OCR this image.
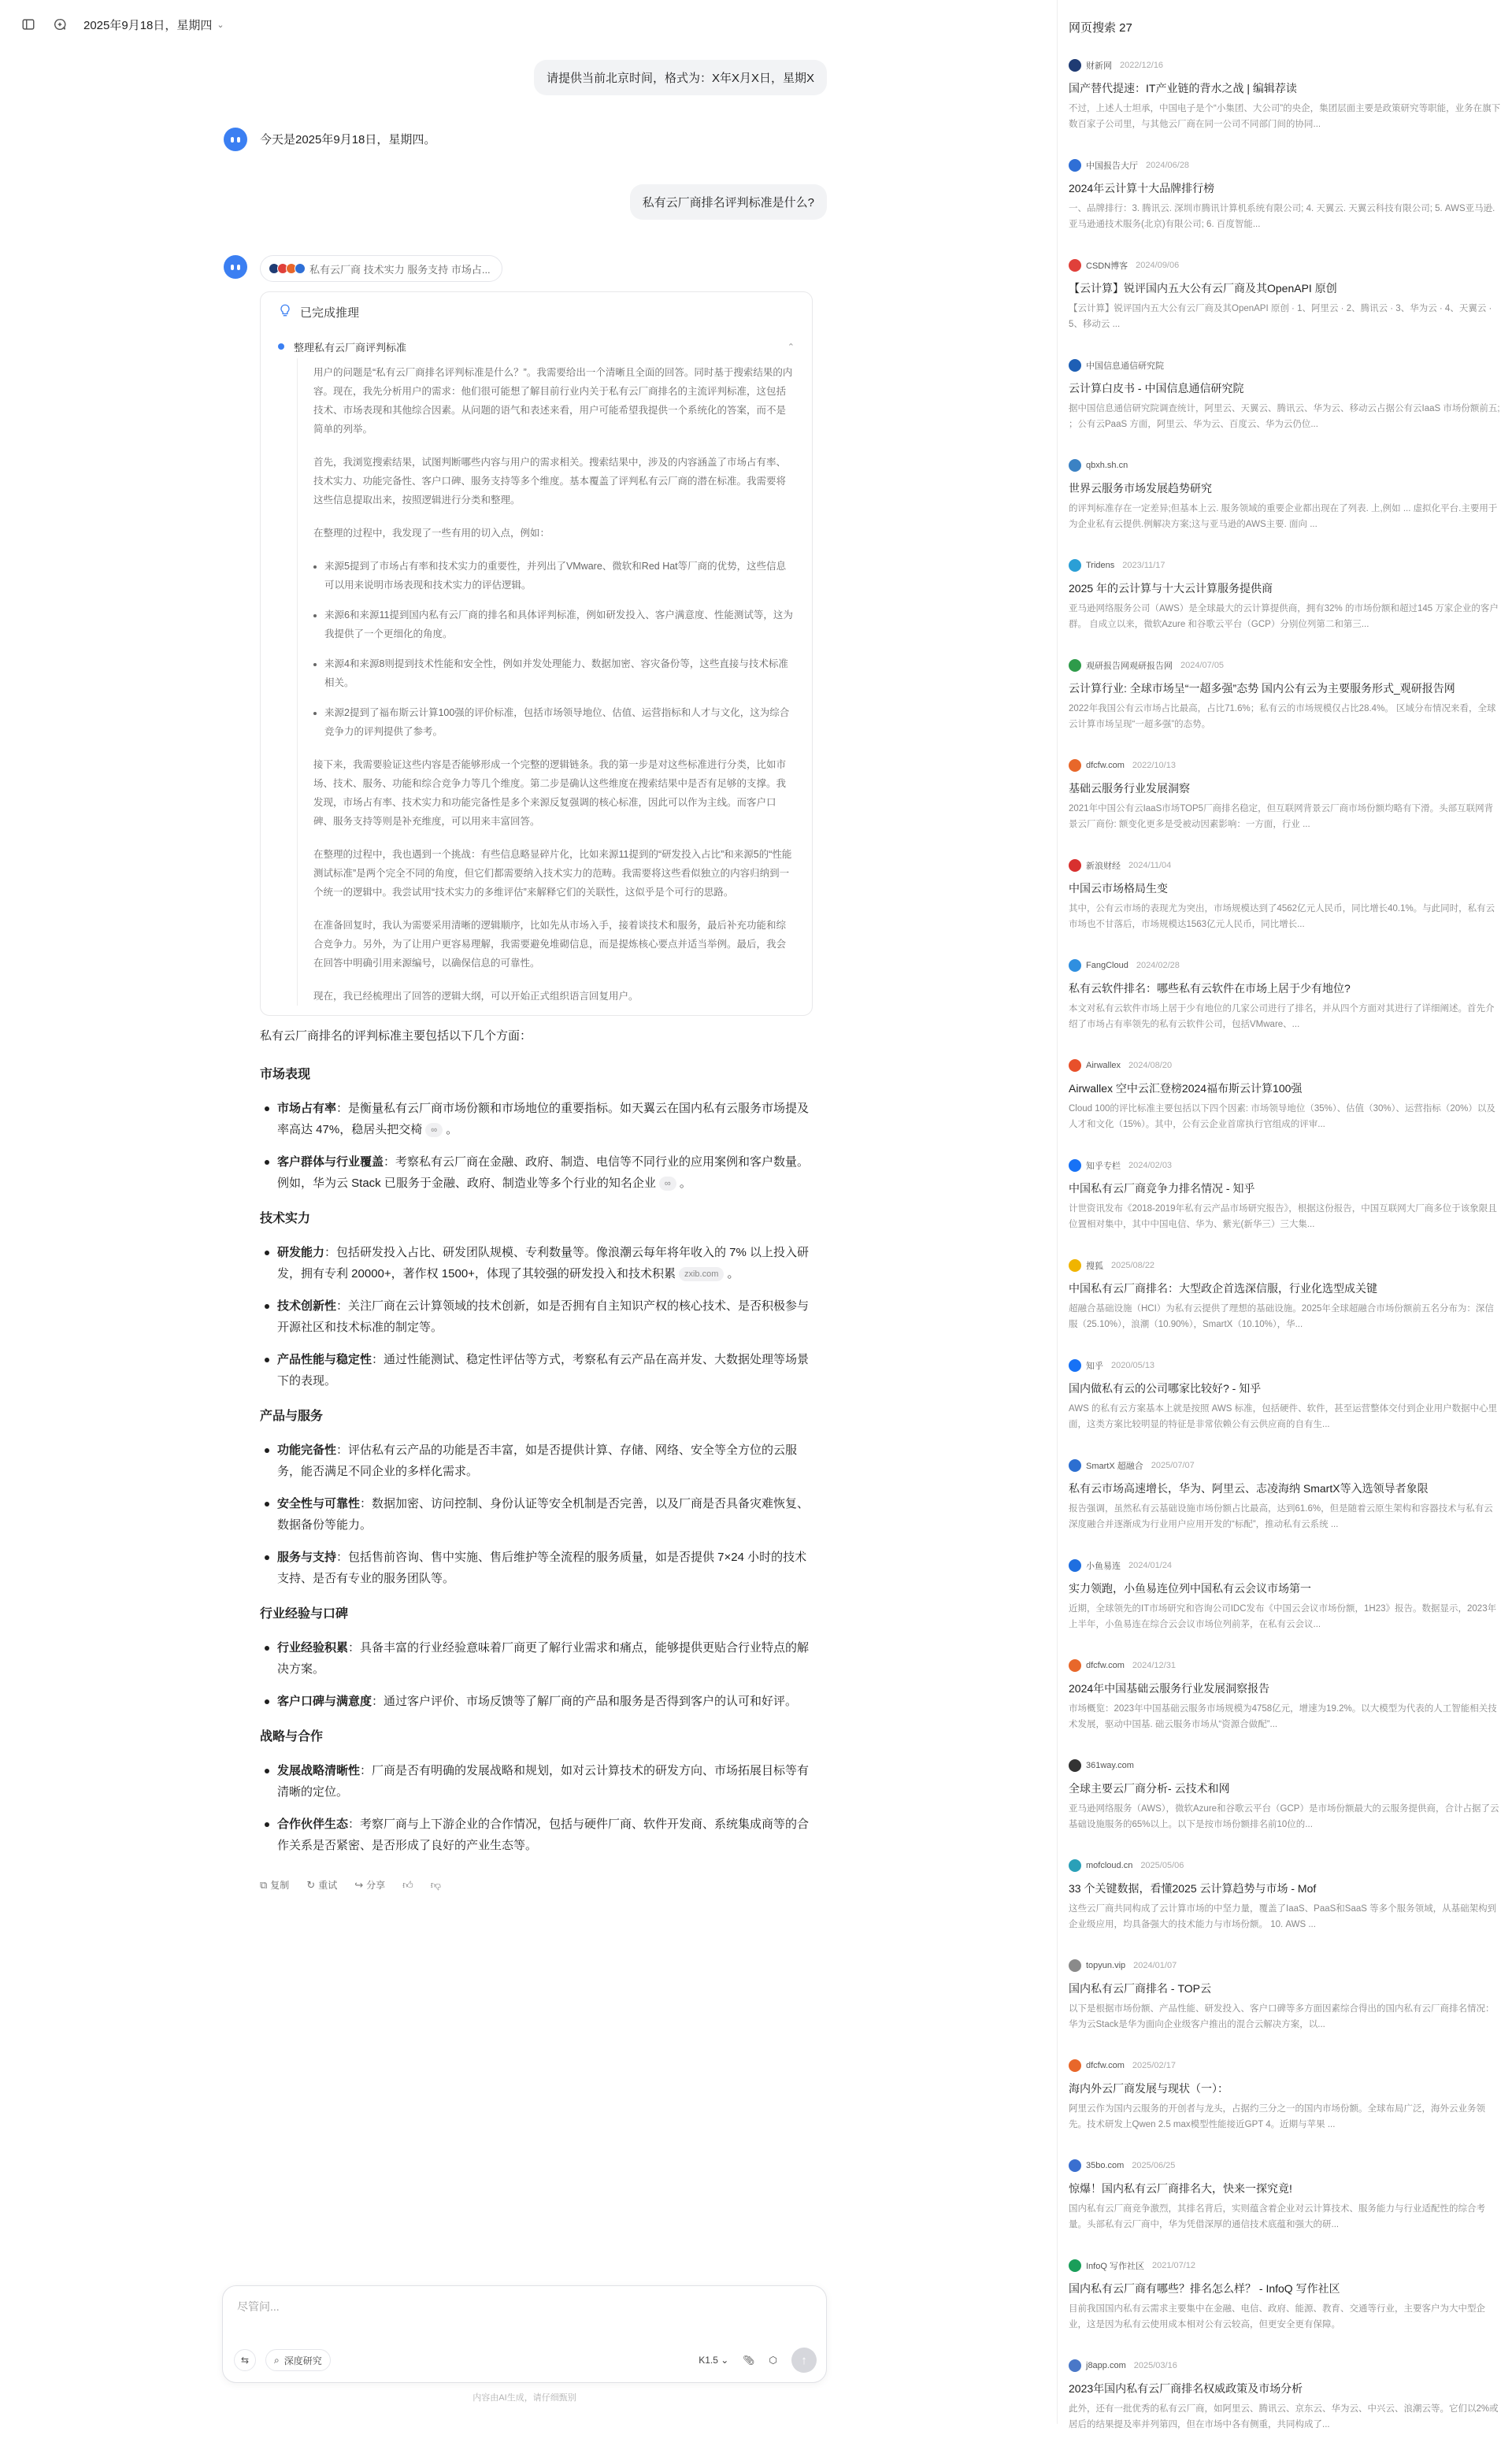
2025年9月18日，星期四 ⌄
请提供当前北京时间，格式为：X年X月X日，星期X
今天是2025年9月18日，星期四。
私有云厂商排名评判标准是什么?
私有云厂商 技术实力 服务支持 市场占...
已完成推理
整理私有云厂商评判标准	⌃

用户的问题是“私有云厂商排名评判标准是什么？”。我需要给出一个清晰且全面的回答。同时基于搜索结果的内容。现在，我先分析用户的需求：他们很可能想了解目前行业内关于私有云厂商排名的主流评判标准，这包括技术、市场表现和其他综合因素。从问题的语气和表述来看，用户可能希望我提供一个系统化的答案，而不是简单的列举。

首先，我浏览搜索结果，试图判断哪些内容与用户的需求相关。搜索结果中，涉及的内容涵盖了市场占有率、技术实力、功能完备性、客户口碑、服务支持等多个维度。基本覆盖了评判私有云厂商的潜在标准。我需要将这些信息提取出来，按照逻辑进行分类和整理。

在整理的过程中，我发现了一些有用的切入点，例如：

• 来源5提到了市场占有率和技术实力的重要性，并列出了VMware、微软和Red Hat等厂商的优势，这些信息可以用来说明市场表现和技术实力的评估逻辑。
• 来源6和来源11提到国内私有云厂商的排名和具体评判标准，例如研发投入、客户满意度、性能测试等，这为我提供了一个更细化的角度。
• 来源4和来源8则提到技术性能和安全性，例如并发处理能力、数据加密、容灾备份等，这些直接与技术标准相关。
• 来源2提到了福布斯云计算100强的评价标准，包括市场领导地位、估值、运营指标和人才与文化，这为综合竞争力的评判提供了参考。

接下来，我需要验证这些内容是否能够形成一个完整的逻辑链条。我的第一步是对这些标准进行分类，比如市场、技术、服务、功能和综合竞争力等几个维度。第二步是确认这些维度在搜索结果中是否有足够的支撑。我发现，市场占有率、技术实力和功能完备性是多个来源反复强调的核心标准，因此可以作为主线。而客户口碑、服务支持等则是补充维度，可以用来丰富回答。

在整理的过程中，我也遇到一个挑战：有些信息略显碎片化，比如来源11提到的“研发投入占比”和来源5的“性能测试标准”是两个完全不同的角度，但它们都需要纳入技术实力的范畴。我需要将这些看似独立的内容归纳到一个统一的逻辑中。我尝试用“技术实力的多维评估”来解释它们的关联性，这似乎是个可行的思路。

在准备回复时，我认为需要采用清晰的逻辑顺序，比如先从市场入手，接着谈技术和服务，最后补充功能和综合竞争力。另外，为了让用户更容易理解，我需要避免堆砌信息，而是提炼核心要点并适当举例。最后，我会在回答中明确引用来源编号，以确保信息的可靠性。

现在，我已经梳理出了回答的逻辑大纲，可以开始正式组织语言回复用户。

私有云厂商排名的评判标准主要包括以下几个方面：
市场表现
市场占有率：是衡量私有云厂商市场份额和市场地位的重要指标。如天翼云在国内私有云服务市场提及率高达 47%，稳居头把交椅 ∞ 。
客户群体与行业覆盖：考察私有云厂商在金融、政府、制造、电信等不同行业的应用案例和客户数量。例如，华为云 Stack 已服务于金融、政府、制造业等多个行业的知名企业 ∞ 。
技术实力
研发能力：包括研发投入占比、研发团队规模、专利数量等。像浪潮云每年将年收入的 7% 以上投入研发，拥有专利 20000+，著作权 1500+，体现了其较强的研发投入和技术积累 zxib.com 。
技术创新性：关注厂商在云计算领域的技术创新，如是否拥有自主知识产权的核心技术、是否积极参与开源社区和技术标准的制定等。
产品性能与稳定性：通过性能测试、稳定性评估等方式，考察私有云产品在高并发、大数据处理等场景下的表现。
产品与服务
功能完备性：评估私有云产品的功能是否丰富，如是否提供计算、存储、网络、安全等全方位的云服务，能否满足不同企业的多样化需求。
安全性与可靠性：数据加密、访问控制、身份认证等安全机制是否完善，以及厂商是否具备灾难恢复、数据备份等能力。
服务与支持：包括售前咨询、售中实施、售后维护等全流程的服务质量，如是否提供 7×24 小时的技术支持、是否有专业的服务团队等。
行业经验与口碑
行业经验积累：具备丰富的行业经验意味着厂商更了解行业需求和痛点，能够提供更贴合行业特点的解决方案。
客户口碑与满意度：通过客户评价、市场反馈等了解厂商的产品和服务是否得到客户的认可和好评。
战略与合作
发展战略清晰性：厂商是否有明确的发展战略和规划，如对云计算技术的研发方向、市场拓展目标等有清晰的定位。
合作伙伴生态：考察厂商与上下游企业的合作情况，包括与硬件厂商、软件开发商、系统集成商等的合作关系是否紧密、是否形成了良好的产业生态等。
⧉ 复制 ↻ 重试 ↪ 分享 👍︎ 👎︎
尽管问...
⇆	⌕ 深度研究	K1.5 ⌄ 📎︎ ⬡	↑
内容由AI生成，请仔细甄别
网页搜索 27
财新网 2022/12/16
国产替代提速：IT产业链的背水之战 | 编辑荐读
不过，上述人士坦承，中国电子是个“小集团、大公司”的央企，集团层面主要是政策研究等职能，业务在旗下数百家子公司里，与其他云厂商在同一公司不同部门间的协同...
中国报告大厅 2024/06/28
2024年云计算十大品牌排行榜
一、品牌排行：3. 腾讯云. 深圳市腾讯计算机系统有限公司; 4. 天翼云. 天翼云科技有限公司; 5. AWS亚马逊. 亚马逊通技术服务(北京)有限公司; 6. 百度智能...
CSDN博客 2024/09/06
【云计算】锐评国内五大公有云厂商及其OpenAPI 原创
【云计算】锐评国内五大公有云厂商及其OpenAPI 原创 · 1、阿里云 · 2、腾讯云 · 3、华为云 · 4、天翼云 · 5、移动云 ...
中国信息通信研究院
云计算白皮书 - 中国信息通信研究院
据中国信息通信研究院调查统计，阿里云、天翼云、腾讯云、华为云、移动云占据公有云IaaS 市场份额前五; ；公有云PaaS 方面，阿里云、华为云、百度云、华为云仍位...
qbxh.sh.cn
世界云服务市场发展趋势研究
的评判标准存在一定差异;但基本上云. 服务领域的重要企业都出现在了列表. 上,例如 ... 虚拟化平台.主要用于为企业私有云提供.例解决方案;这与亚马逊的AWS主要. 面向 ...
Tridens 2023/11/17
2025 年的云计算与十大云计算服务提供商
亚马逊网络服务公司（AWS）是全球最大的云计算提供商，拥有32% 的市场份额和超过145 万家企业的客户群。 自成立以来，微软Azure 和谷歌云平台（GCP）分别位列第二和第三...
观研报告网观研报告网 2024/07/05
云计算行业: 全球市场呈“一超多强”态势 国内公有云为主要服务形式_观研报告网
2022年我国公有云市场占比最高，占比71.6%；私有云的市场规模仅占比28.4%。 区域分布情况来看，全球云计算市场呈现“一超多强”的态势。
dfcfw.com 2022/10/13
基础云服务行业发展洞察
2021年中国公有云IaaS市场TOP5厂商排名稳定，但互联网背景云厂商市场份额均略有下滑。头部互联网背景云厂商份: 额变化更多是受被动因素影响：一方面，行业 ...
新浪财经 2024/11/04
中国云市场格局生变
其中，公有云市场的表现尤为突出，市场规模达到了4562亿元人民币，同比增长40.1%。与此同时，私有云市场也不甘落后，市场规模达1563亿元人民币，同比增长...
FangCloud 2024/02/28
私有云软件排名：哪些私有云软件在市场上居于少有地位?
本文对私有云软件市场上居于少有地位的几家公司进行了排名，并从四个方面对其进行了详细阐述。首先介绍了市场占有率领先的私有云软件公司，包括VMware、...
Airwallex 2024/08/20
Airwallex 空中云汇登榜2024福布斯云计算100强
Cloud 100的评比标准主要包括以下四个因素: 市场领导地位（35%）、估值（30%）、运营指标（20%）以及人才和文化（15%）。其中，公有云企业首席执行官组成的评审...
知乎专栏 2024/02/03
中国私有云厂商竞争力排名情况 - 知乎
计世资讯发布《2018-2019年私有云产品市场研究报告》，根据这份报告，中国互联网大厂商多位于该象限且位置相对集中，其中中国电信、华为、紫光(新华三）三大集...
搜狐 2025/08/22
中国私有云厂商排名：大型政企首选深信服，行业化选型成关键
超融合基础设施（HCI）为私有云提供了理想的基础设施。2025年全球超融合市场份额前五名分布为：深信服（25.10%），浪潮（10.90%），SmartX（10.10%），华...
知乎 2020/05/13
国内做私有云的公司哪家比较好? - 知乎
AWS 的私有云方案基本上就是按照 AWS 标准，包括硬件、软件，甚至运营整体交付到企业用户数据中心里面，这类方案比较明显的特征是非常依赖公有云供应商的自有生...
SmartX 超融合 2025/07/07
私有云市场高速增长，华为、阿里云、志凌海纳 SmartX等入选领导者象限
报告强调，虽然私有云基础设施市场份额占比最高，达到61.6%，但是随着云原生架构和容器技术与私有云深度融合并逐渐成为行业用户应用开发的“标配”，推动私有云系统 ...
小鱼易连 2024/01/24
实力领跑，小鱼易连位列中国私有云会议市场第一
近期，全球领先的IT市场研究和咨询公司IDC发布《中国云会议市场份额，1H23》报告。数据显示，2023年上半年，小鱼易连在综合云会议市场位列前茅，在私有云会议...
dfcfw.com 2024/12/31
2024年中国基础云服务行业发展洞察报告
市场概览：2023年中国基础云服务市场规模为4758亿元，增速为19.2%。以大模型为代表的人工智能相关技术发展，驱动中国基. 础云服务市场从“资源合做配”...
361way.com
全球主要云厂商分析- 云技术和网
亚马逊网络服务（AWS），微软Azure和谷歌云平台（GCP）是市场份额最大的云服务提供商，合计占据了云基础设施服务的65%以上。以下是按市场份额排名前10位的...
mofcloud.cn 2025/05/06
33 个关键数据，看懂2025 云计算趋势与市场 - Mof
这些云厂商共同构成了云计算市场的中坚力量，覆盖了IaaS、PaaS和SaaS 等多个服务领域，从基础架构到企业级应用，均具备强大的技术能力与市场份额。 10. AWS ...
topyun.vip 2024/01/07
国内私有云厂商排名 - TOP云
以下是根据市场份额、产品性能、研发投入、客户口碑等多方面因素综合得出的国内私有云厂商排名情况：华为云Stack是华为面向企业级客户推出的混合云解决方案，以...
dfcfw.com 2025/02/17
海内外云厂商发展与现状（一）：
阿里云作为国内云服务的开创者与龙头，占据约三分之一的国内市场份额。全球布局广泛，海外云业务领先。技术研发上Qwen 2.5 max模型性能接近GPT 4。近期与苹果 ...
35bo.com 2025/06/25
惊爆！国内私有云厂商排名大，快来一探究竟!
国内私有云厂商竞争激烈，其排名背后，实则蕴含着企业对云计算技术、服务能力与行业适配性的综合考量。头部私有云厂商中，华为凭借深厚的通信技术底蕴和强大的研...
InfoQ 写作社区 2021/07/12
国内私有云厂商有哪些？排名怎么样？ - InfoQ 写作社区
目前我国国内私有云需求主要集中在金融、电信、政府、能源、教育、交通等行业，主要客户为大中型企业，这是因为私有云使用成本相对公有云较高，但更安全更有保障。
j8app.com 2025/03/16
2023年国内私有云厂商排名权威政策及市场分析
此外，还有一批优秀的私有云厂商，如阿里云、腾讯云、京东云、华为云、中兴云、浪潮云等。它们以2%或居后的结果提及率并列第四，但在市场中各有侧重，共同构成了...
